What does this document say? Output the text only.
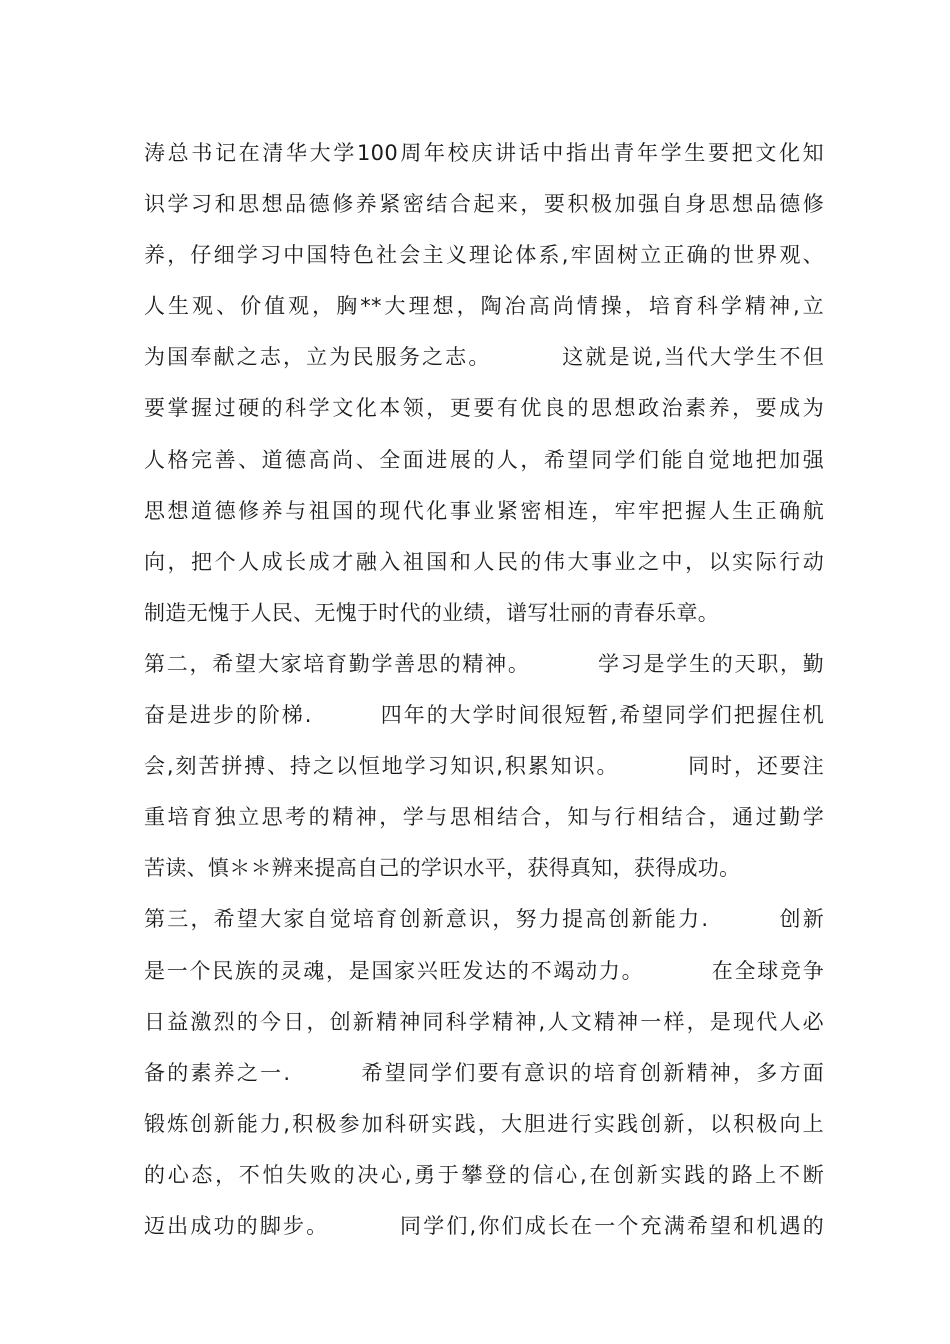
涛总书记在清华大学100周年校庆讲话中指出青年学生要把文化知
识学习和思想品德修养紧密结合起来，要积极加强自身思想品德修
养，仔细学习中国特色社会主义理论体系,牢固树立正确的世界观、
人生观、价值观，胸**大理想，陶冶高尚情操，培育科学精神,立
为国奉献之志，立为民服务之志。        这就是说,当代大学生不但
要掌握过硬的科学文化本领，更要有优良的思想政治素养，要成为
人格完善、道德高尚、全面进展的人，希望同学们能自觉地把加强
思想道德修养与祖国的现代化事业紧密相连，牢牢把握人生正确航
向，把个人成长成才融入祖国和人民的伟大事业之中，以实际行动
制造无愧于人民、无愧于时代的业绩，谱写壮丽的青春乐章。
第二，希望大家培育勤学善思的精神。        学习是学生的天职，勤
奋是进步的阶梯.        四年的大学时间很短暂,希望同学们把握住机
会,刻苦拼搏、持之以恒地学习知识,积累知识。        同时，还要注
重培育独立思考的精神，学与思相结合，知与行相结合，通过勤学
苦读、慎＊＊辨来提高自己的学识水平，获得真知，获得成功。
第三，希望大家自觉培育创新意识，努力提高创新能力.        创新
是一个民族的灵魂，是国家兴旺发达的不竭动力。        在全球竞争
日益激烈的今日，创新精神同科学精神,人文精神一样，是现代人必
备的素养之一.        希望同学们要有意识的培育创新精神，多方面
锻炼创新能力,积极参加科研实践，大胆进行实践创新，以积极向上
的心态，不怕失败的决心,勇于攀登的信心,在创新实践的路上不断
迈出成功的脚步。        同学们,你们成长在一个充满希望和机遇的
